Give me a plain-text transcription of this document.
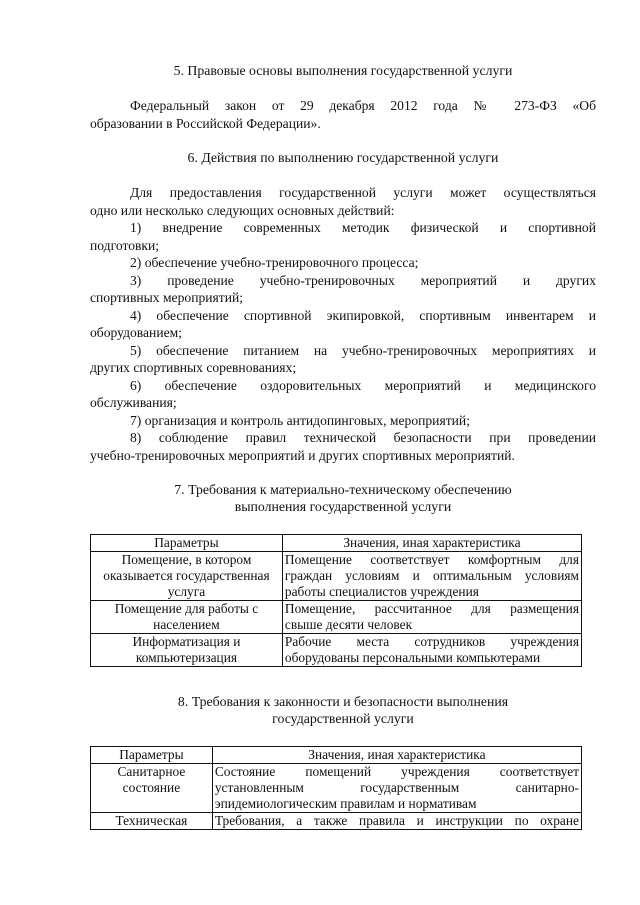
5. Правовые основы выполнения государственной услуги
Федеральный закон от 29 декабря 2012 года № 273-ФЗ «Об
образовании в Российской Федерации».
6. Действия по выполнению государственной услуги
Для предоставления государственной услуги может осуществляться
одно или несколько следующих основных действий:
1) внедрение современных методик физической и спортивной
подготовки;
2) обеспечение учебно-тренировочного процесса;
3) проведение учебно-тренировочных мероприятий и других
спортивных мероприятий;
4) обеспечение спортивной экипировкой, спортивным инвентарем и
оборудованием;
5) обеспечение питанием на учебно-тренировочных мероприятиях и
других спортивных соревнованиях;
6) обеспечение оздоровительных мероприятий и медицинского
обслуживания;
7) организация и контроль антидопинговых, мероприятий;
8) соблюдение правил технической безопасности при проведении
учебно-тренировочных мероприятий и других спортивных мероприятий.
7. Требования к материально-техническому обеспечению
выполнения государственной услуги
Параметры	Значения, иная характеристика

Помещение, в котором
оказывается государственная
услуга	Помещение соответствует комфортным для
граждан условиям и оптимальным условиям
работы специалистов учреждения

Помещение для работы с
населением	Помещение, рассчитанное для размещения
свыше десяти человек

Информатизация и
компьютеризация	Рабочие места сотрудников учреждения
оборудованы персональными компьютерами
8. Требования к законности и безопасности выполнения
государственной услуги
Параметры	Значения, иная характеристика

Санитарное
состояние	Состояние помещений учреждения соответствует
установленным государственным санитарно-
эпидемиологическим правилам и нормативам

Техническая	Требования, а также правила и инструкции по охране
